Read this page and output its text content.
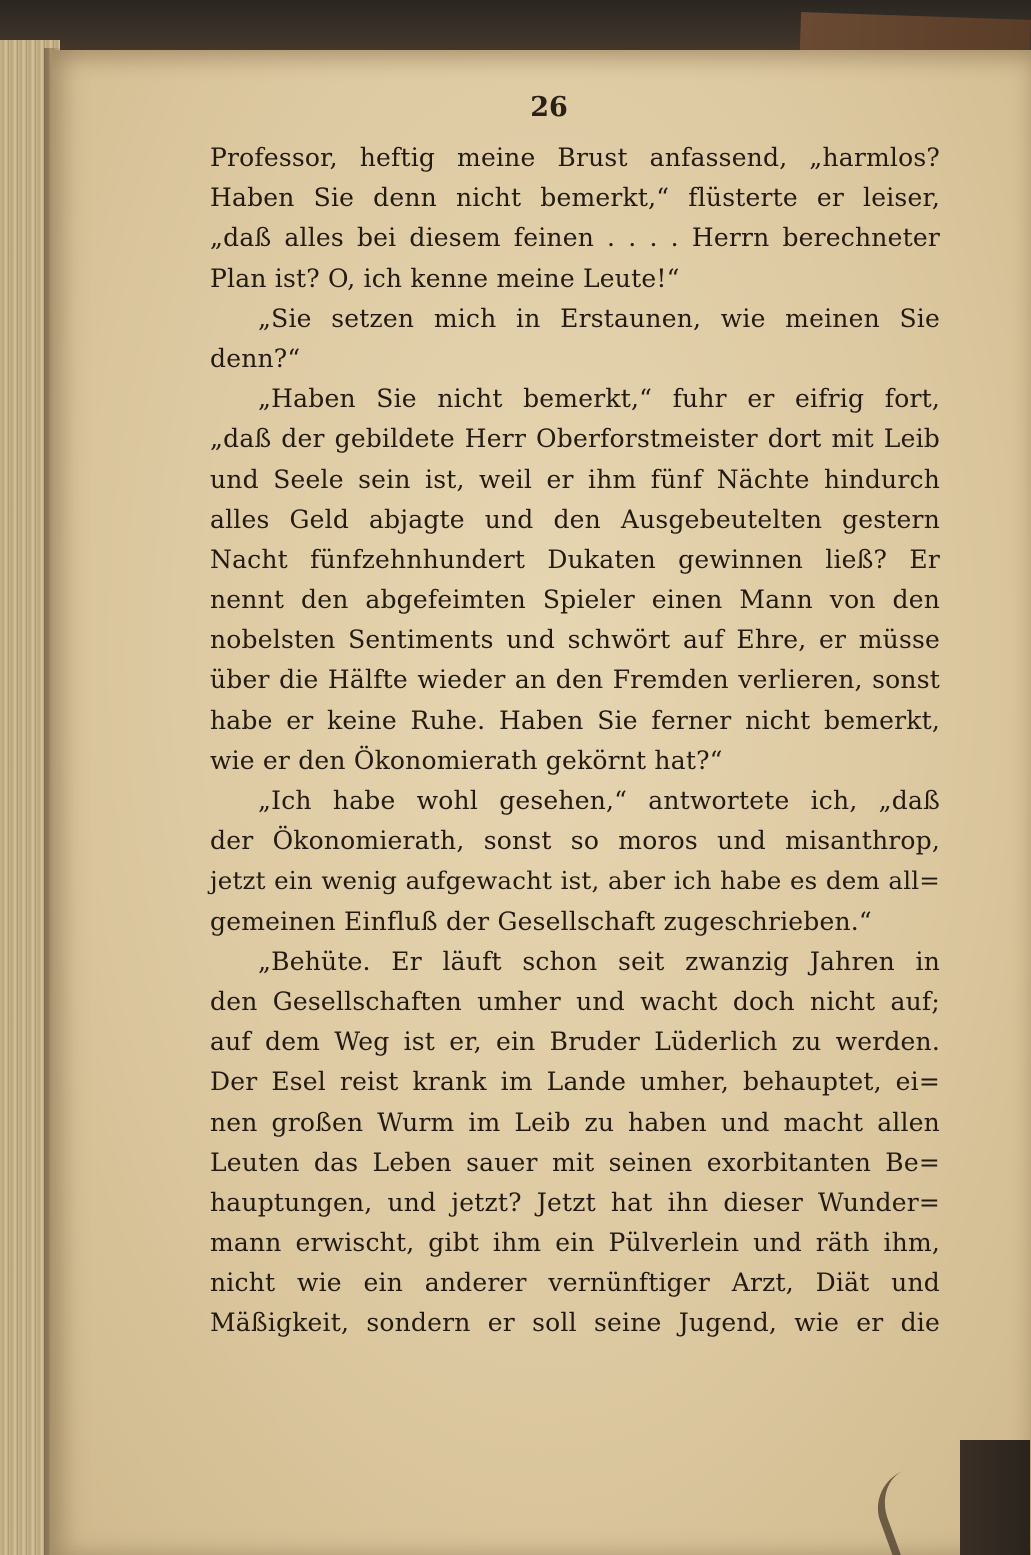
26
Professor, heftig meine Brust anfassend, „harmlos?
Haben Sie denn nicht bemerkt,“ flüsterte er leiser,
„daß alles bei diesem feinen . . . . Herrn berechneter
Plan ist? O, ich kenne meine Leute!“
„Sie setzen mich in Erstaunen, wie meinen Sie
denn?“
„Haben Sie nicht bemerkt,“ fuhr er eifrig fort,
„daß der gebildete Herr Oberforstmeister dort mit Leib
und Seele sein ist, weil er ihm fünf Nächte hindurch
alles Geld abjagte und den Ausgebeutelten gestern
Nacht fünfzehnhundert Dukaten gewinnen ließ? Er
nennt den abgefeimten Spieler einen Mann von den
nobelsten Sentiments und schwört auf Ehre, er müsse
über die Hälfte wieder an den Fremden verlieren, sonst
habe er keine Ruhe. Haben Sie ferner nicht bemerkt,
wie er den Ökonomierath gekörnt hat?“
„Ich habe wohl gesehen,“ antwortete ich, „daß
der Ökonomierath, sonst so moros und misanthrop,
jetzt ein wenig aufgewacht ist, aber ich habe es dem all=
gemeinen Einfluß der Gesellschaft zugeschrieben.“
„Behüte. Er läuft schon seit zwanzig Jahren in
den Gesellschaften umher und wacht doch nicht auf;
auf dem Weg ist er, ein Bruder Lüderlich zu werden.
Der Esel reist krank im Lande umher, behauptet, ei=
nen großen Wurm im Leib zu haben und macht allen
Leuten das Leben sauer mit seinen exorbitanten Be=
hauptungen, und jetzt? Jetzt hat ihn dieser Wunder=
mann erwischt, gibt ihm ein Pülverlein und räth ihm,
nicht wie ein anderer vernünftiger Arzt, Diät und
Mäßigkeit, sondern er soll seine Jugend, wie er die
